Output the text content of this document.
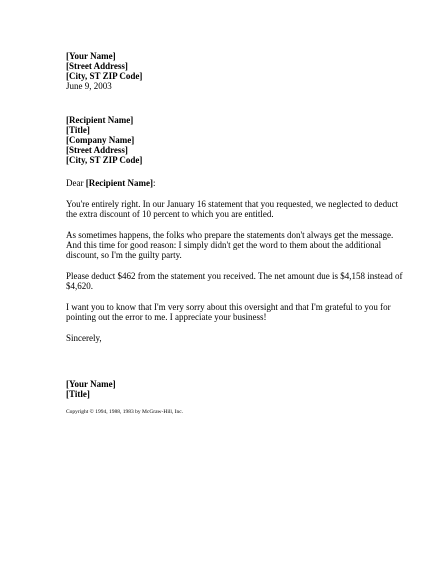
[Your Name]
[Street Address]
[City, ST ZIP Code]
June 9, 2003
[Recipient Name]
[Title]
[Company Name]
[Street Address]
[City, ST ZIP Code]
Dear [Recipient Name]:

You're entirely right. In our January 16 statement that you requested, we neglected to deduct the extra discount of 10 percent to which you are entitled.

As sometimes happens, the folks who prepare the statements don't always get the message. And this time for good reason: I simply didn't get the word to them about the additional discount, so I'm the guilty party.

Please deduct $462 from the statement you received. The net amount due is $4,158 instead of $4,620.

I want you to know that I'm very sorry about this oversight and that I'm grateful to you for pointing out the error to me. I appreciate your business!

Sincerely,
[Your Name]
[Title]
Copyright © 1994, 1988, 1983 by McGraw-Hill, Inc.
